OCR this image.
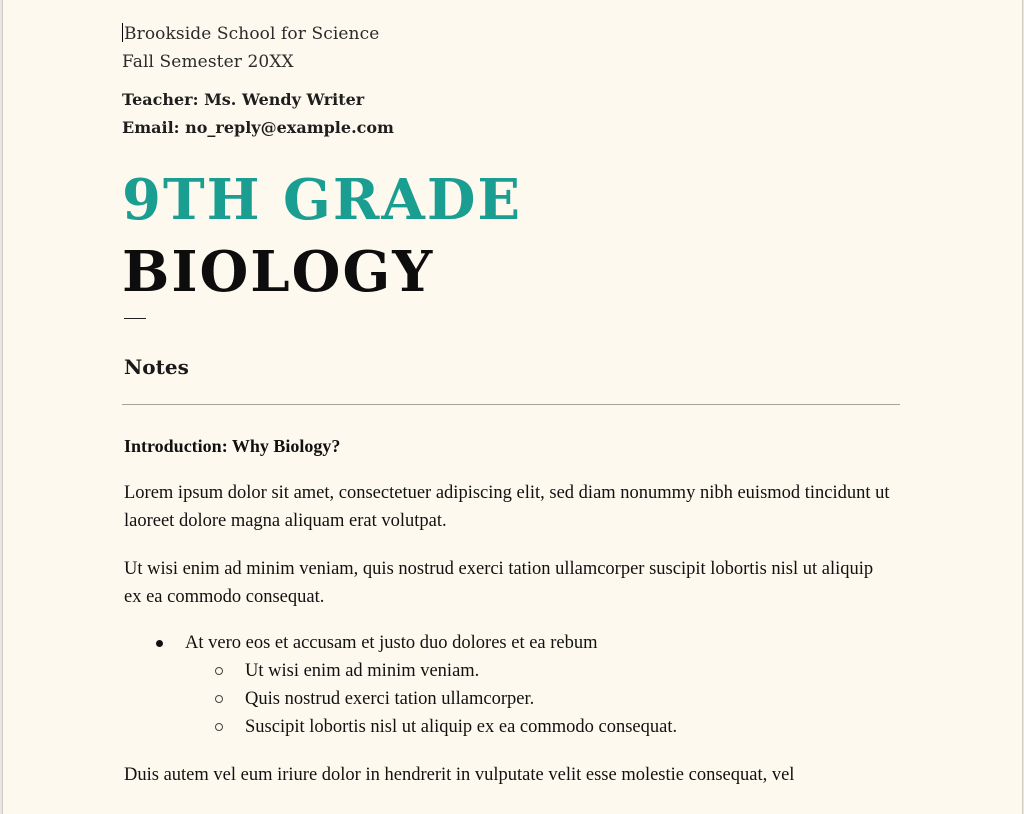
Brookside School for Science
Fall Semester 20XX
Teacher: Ms. Wendy Writer
Email: no_reply@example.com
9TH GRADE
BIOLOGY
Notes
Introduction: Why Biology?
Lorem ipsum dolor sit amet, consectetuer adipiscing elit, sed diam nonummy nibh euismod tincidunt ut laoreet dolore magna aliquam erat volutpat.
Ut wisi enim ad minim veniam, quis nostrud exerci tation ullamcorper suscipit lobortis nisl ut aliquip ex ea commodo consequat.
At vero eos et accusam et justo duo dolores et ea rebum
Ut wisi enim ad minim veniam.
Quis nostrud exerci tation ullamcorper.
Suscipit lobortis nisl ut aliquip ex ea commodo consequat.
Duis autem vel eum iriure dolor in hendrerit in vulputate velit esse molestie consequat, vel
